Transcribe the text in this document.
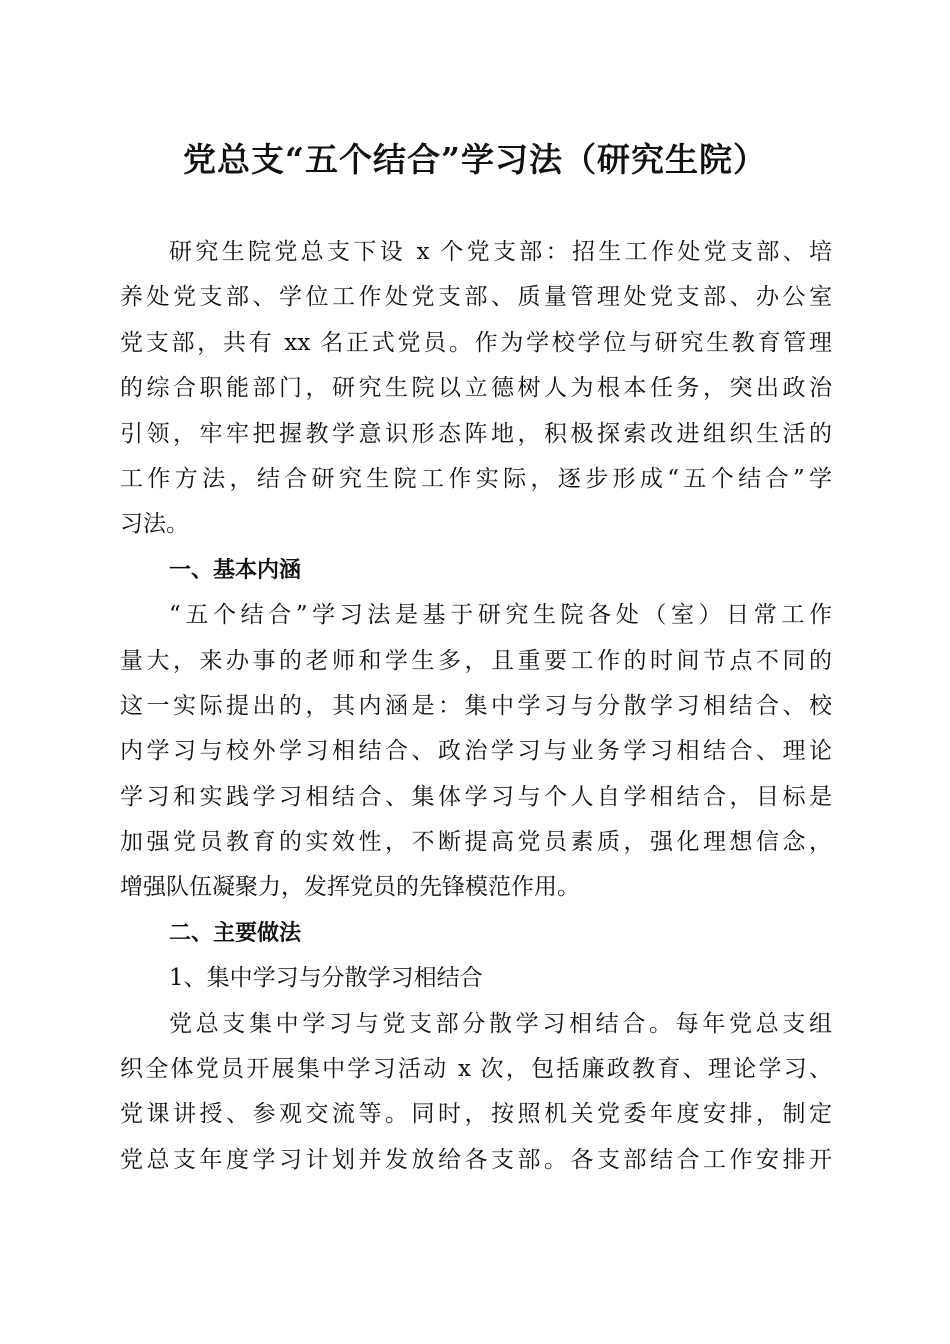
党总支“五个结合”学习法（研究生院）
研究生院党总支下设 x 个党支部：招生工作处党支部、培
养处党支部、学位工作处党支部、质量管理处党支部、办公室
党支部，共有 xx 名正式党员。作为学校学位与研究生教育管理
的综合职能部门，研究生院以立德树人为根本任务，突出政治
引领，牢牢把握教学意识形态阵地，积极探索改进组织生活的
工作方法，结合研究生院工作实际，逐步形成“五个结合”学
习法。
一、基本内涵
“五个结合”学习法是基于研究生院各处（室）日常工作
量大，来办事的老师和学生多，且重要工作的时间节点不同的
这一实际提出的，其内涵是：集中学习与分散学习相结合、校
内学习与校外学习相结合、政治学习与业务学习相结合、理论
学习和实践学习相结合、集体学习与个人自学相结合，目标是
加强党员教育的实效性，不断提高党员素质，强化理想信念，
增强队伍凝聚力，发挥党员的先锋模范作用。
二、主要做法
1、集中学习与分散学习相结合
党总支集中学习与党支部分散学习相结合。每年党总支组
织全体党员开展集中学习活动 x 次，包括廉政教育、理论学习、
党课讲授、参观交流等。同时，按照机关党委年度安排，制定
党总支年度学习计划并发放给各支部。各支部结合工作安排开
